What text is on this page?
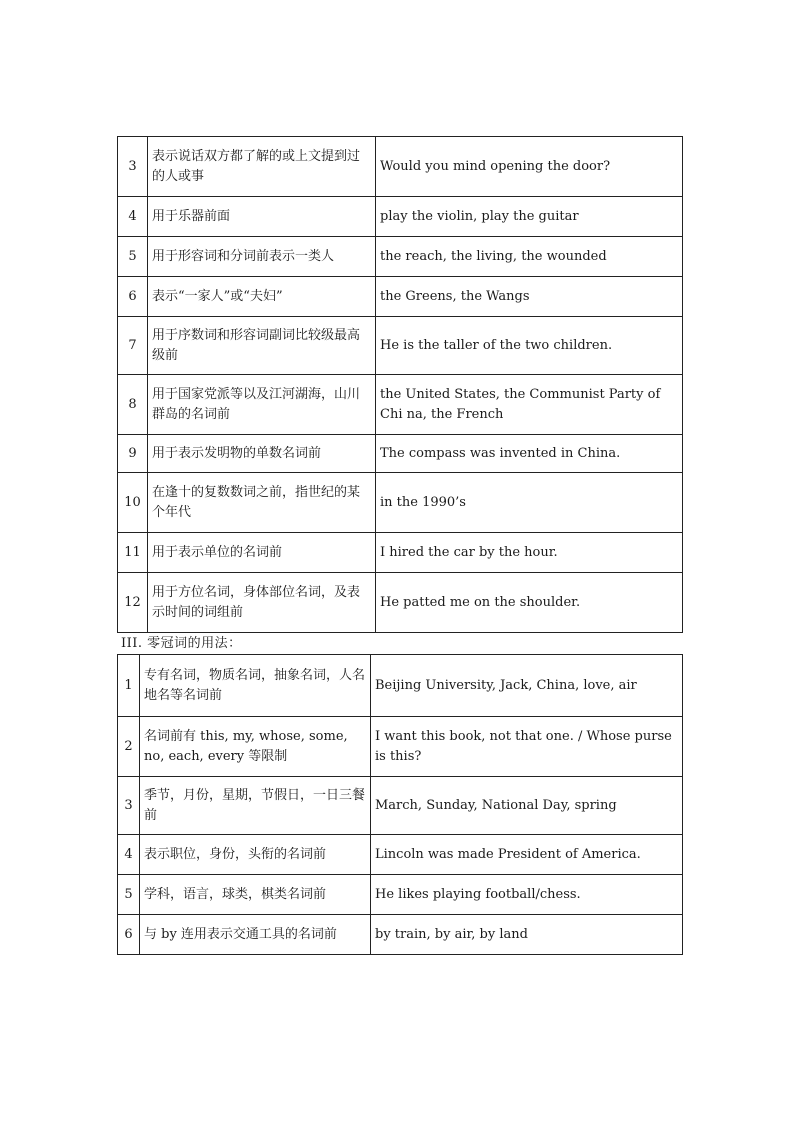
3	表示说话双方都了解的或上文提到过的人或事	Would you mind opening the door?
4	用于乐器前面	play the violin, play the guitar
5	用于形容词和分词前表示一类人	the reach, the living, the wounded
6	表示“一家人”或“夫妇”	the Greens, the Wangs
7	用于序数词和形容词副词比较级最高级前	He is the taller of the two children.
8	用于国家党派等以及江河湖海，山川群岛的名词前	the United States, the Communist Party of Chi na, the French
9	用于表示发明物的单数名词前	The compass was invented in China.
10	在逢十的复数数词之前，指世纪的某个年代	in the 1990’s
11	用于表示单位的名词前	I hired the car by the hour.
12	用于方位名词，身体部位名词，及表示时间的词组前	He patted me on the shoulder.
III. 零冠词的用法：
1	专有名词，物质名词，抽象名词，人名地名等名词前	Beijing University, Jack, China, love, air
2	名词前有 this, my, whose, some, no, each, every 等限制	I want this book, not that one. / Whose purse is this?
3	季节，月份，星期，节假日，一日三餐前	March, Sunday, National Day, spring
4	表示职位，身份，头衔的名词前	Lincoln was made President of America.
5	学科，语言，球类，棋类名词前	He likes playing football/chess.
6	与 by 连用表示交通工具的名词前	by train, by air, by land
